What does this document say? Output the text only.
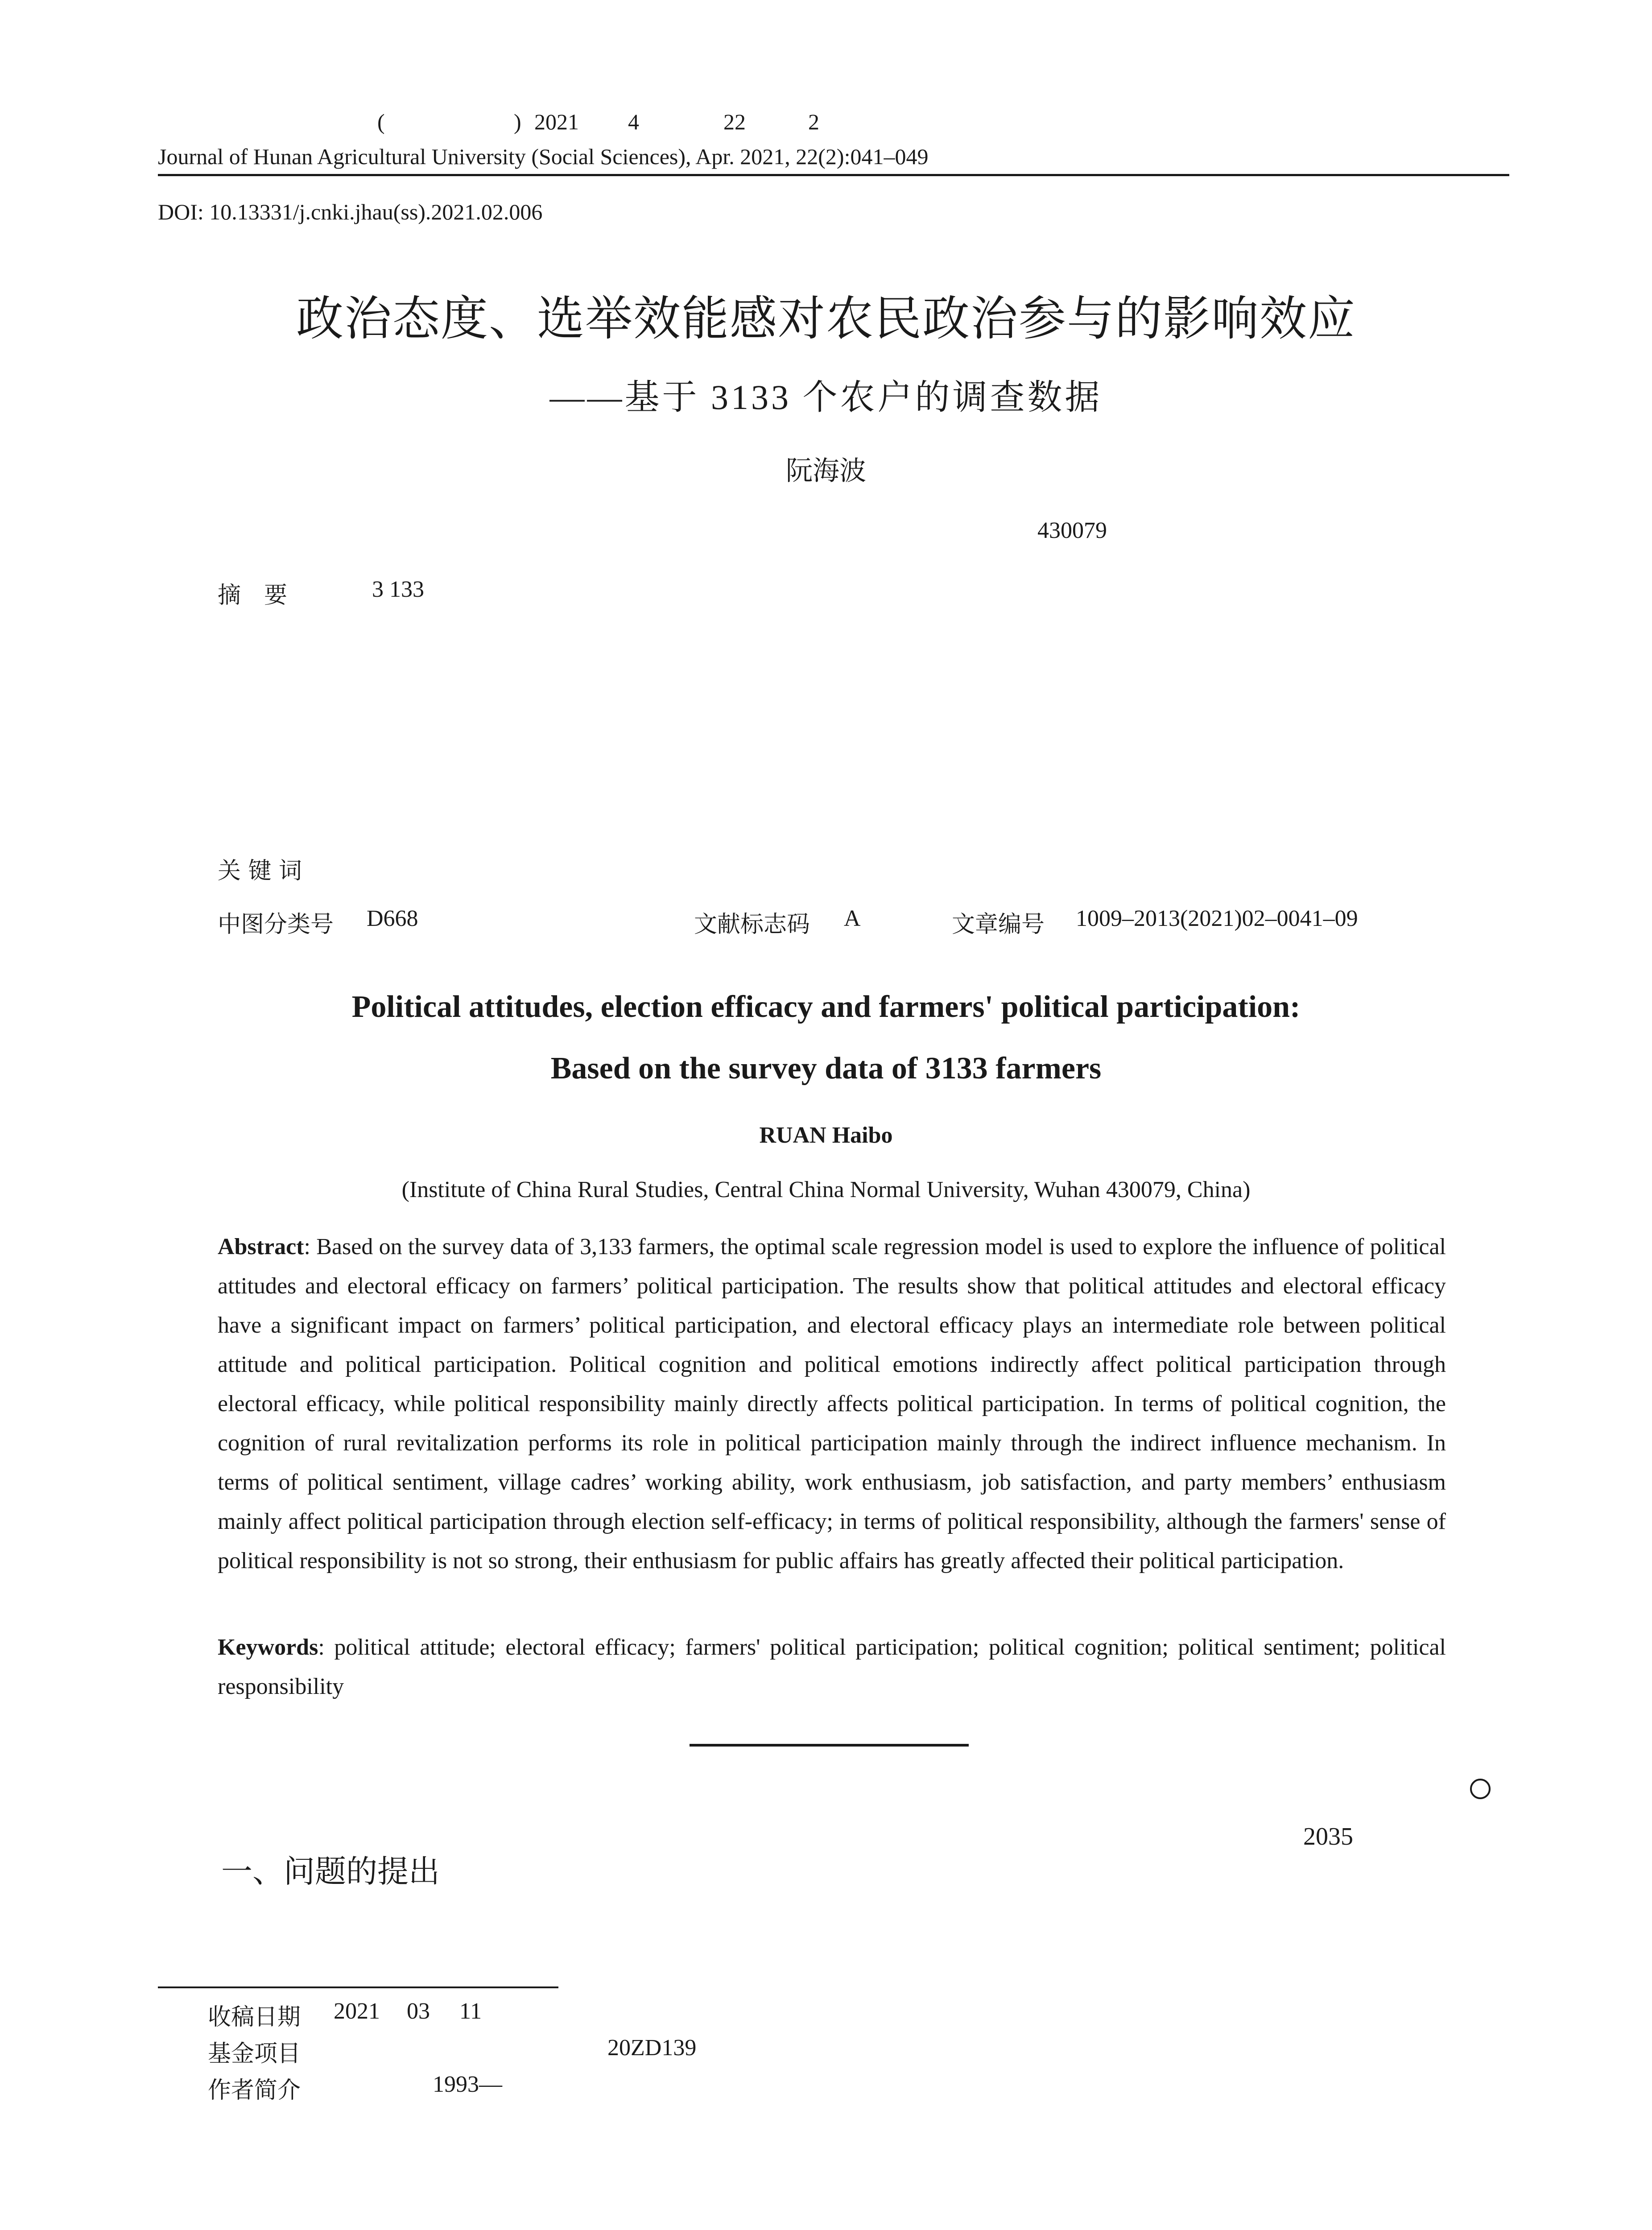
(	) 2021 4	22	2
Journal of Hunan Agricultural University (Social Sciences), Apr. 2021, 22(2):041–049
DOI: 10.13331/j.cnki.jhau(ss).2021.02.006
政治态度、选举效能感对农民政治参与的影响效应
——基于 3133 个农户的调查数据
阮海波
430079
摘　要	3 133
关 键 词
中图分类号 D668	文献标志码 A	文章编号 1009–2013(2021)02–0041–09
Political attitudes, election efficacy and farmers' political participation:
Based on the survey data of 3133 farmers
RUAN Haibo
(Institute of China Rural Studies, Central China Normal University, Wuhan 430079, China)

Abstract: Based on the survey data of 3,133 farmers, the optimal scale regression model is used to explore the influence of political attitudes and electoral efficacy on farmers’ political participation. The results show that political attitudes and electoral efficacy have a significant impact on farmers’ political participation, and electoral efficacy plays an intermediate role between political attitude and political participation. Political cognition and political emotions indirectly affect political participation through electoral efficacy, while political responsibility mainly directly affects political participation. In terms of political cognition, the cognition of rural revitalization performs its role in political participation mainly through the indirect influence mechanism. In terms of political sentiment, village cadres’ working ability, work enthusiasm, job satisfaction, and party members’ enthusiasm mainly affect political participation through election self-efficacy; in terms of political responsibility, although the farmers' sense of political responsibility is not so strong, their enthusiasm for public affairs has greatly affected their political participation.

Keywords: political attitude; electoral efficacy; farmers' political participation; political cognition; political sentiment; political responsibility

2035
一、问题的提出
收稿日期 2021 03 11
基金项目	20ZD139
作者简介	1993—
